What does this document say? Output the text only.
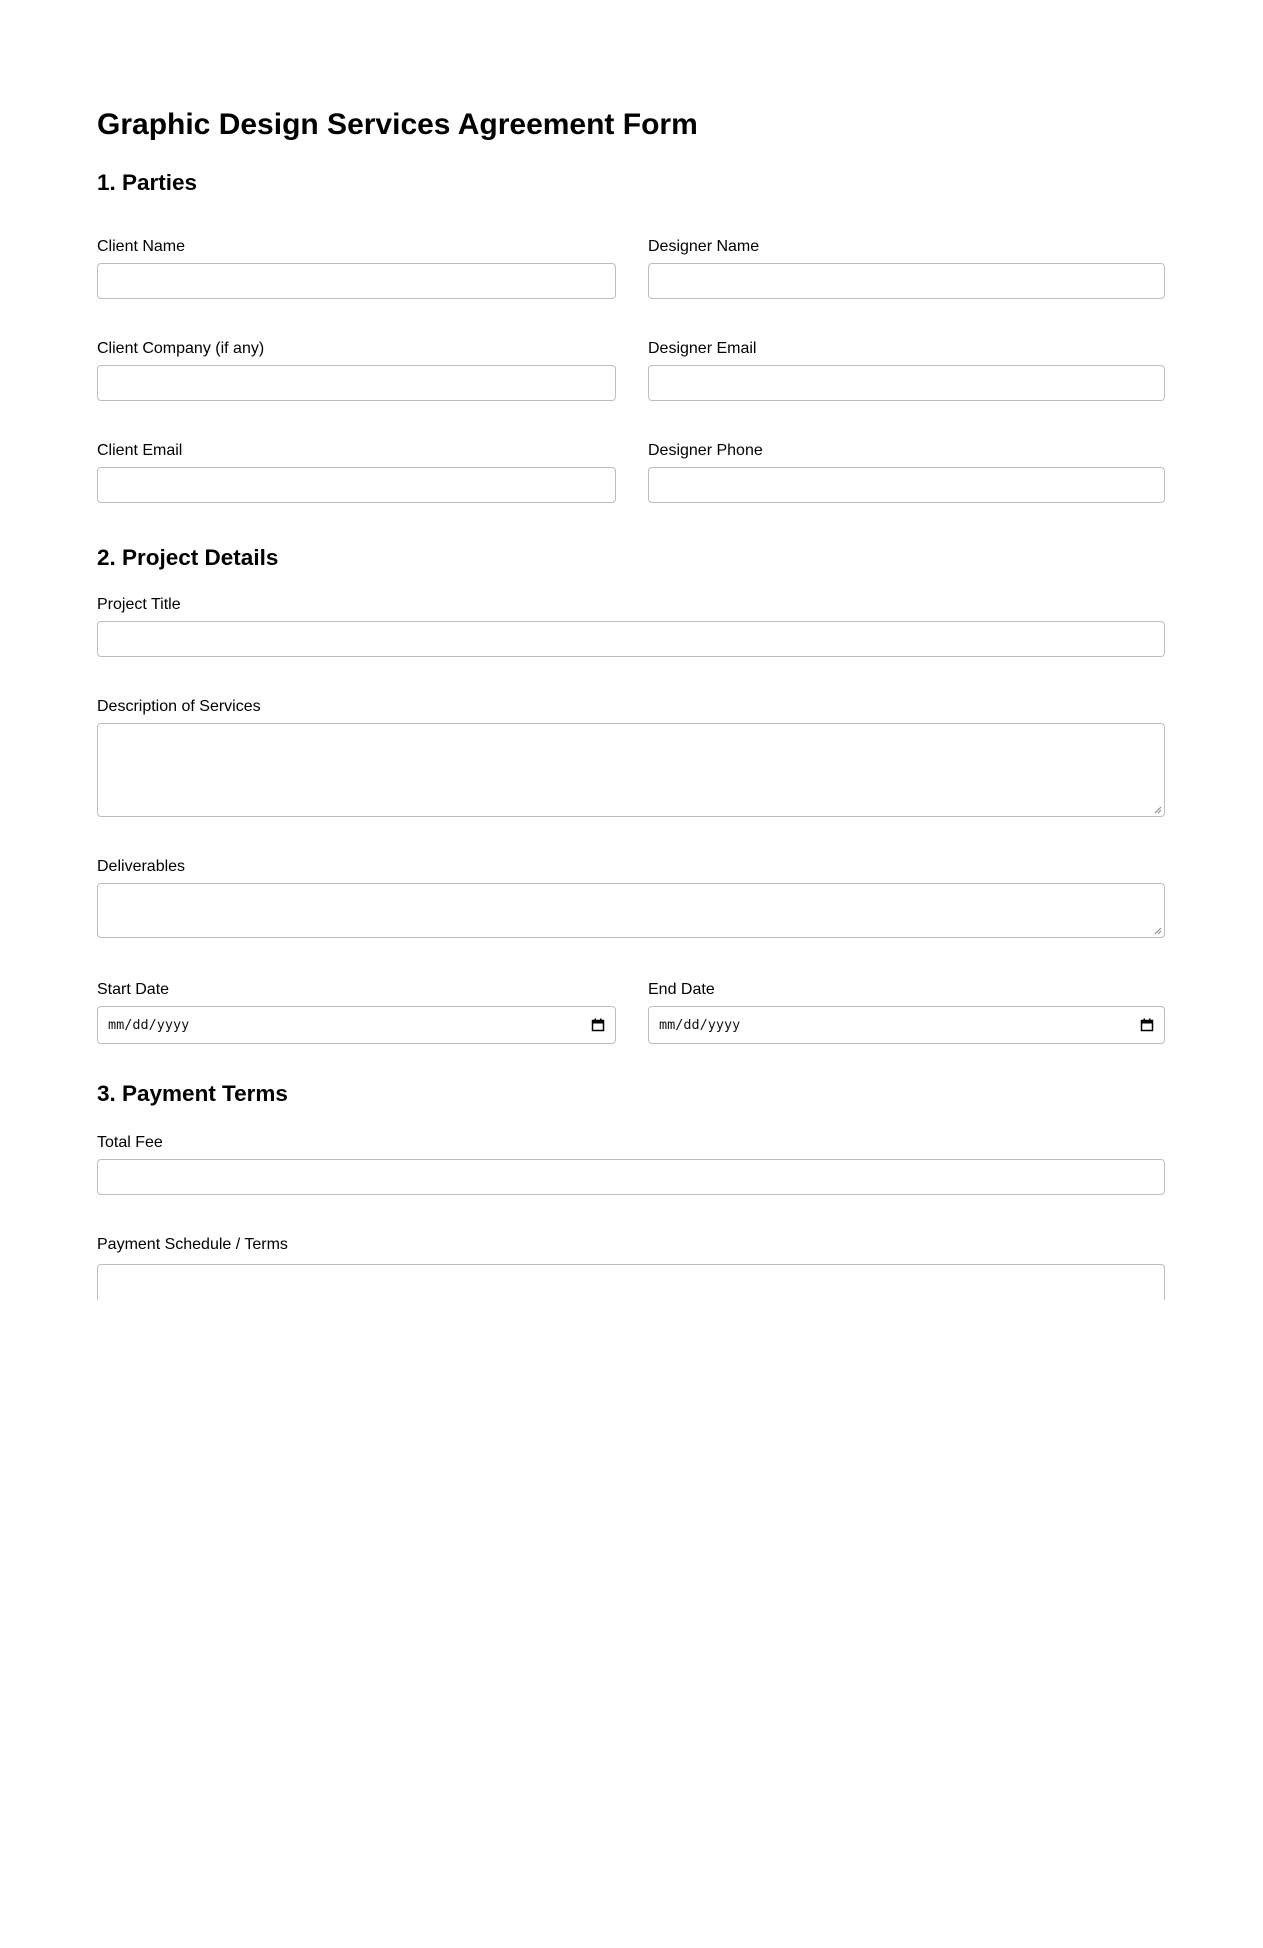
Graphic Design Services Agreement Form
1. Parties
Client Name	Designer Name
Client Company (if any)	Designer Email
Client Email	Designer Phone
2. Project Details
Project Title
Description of Services
Deliverables
Start Date
mm/dd/yyyy
End Date
mm/dd/yyyy
3. Payment Terms
Total Fee
Payment Schedule / Terms
